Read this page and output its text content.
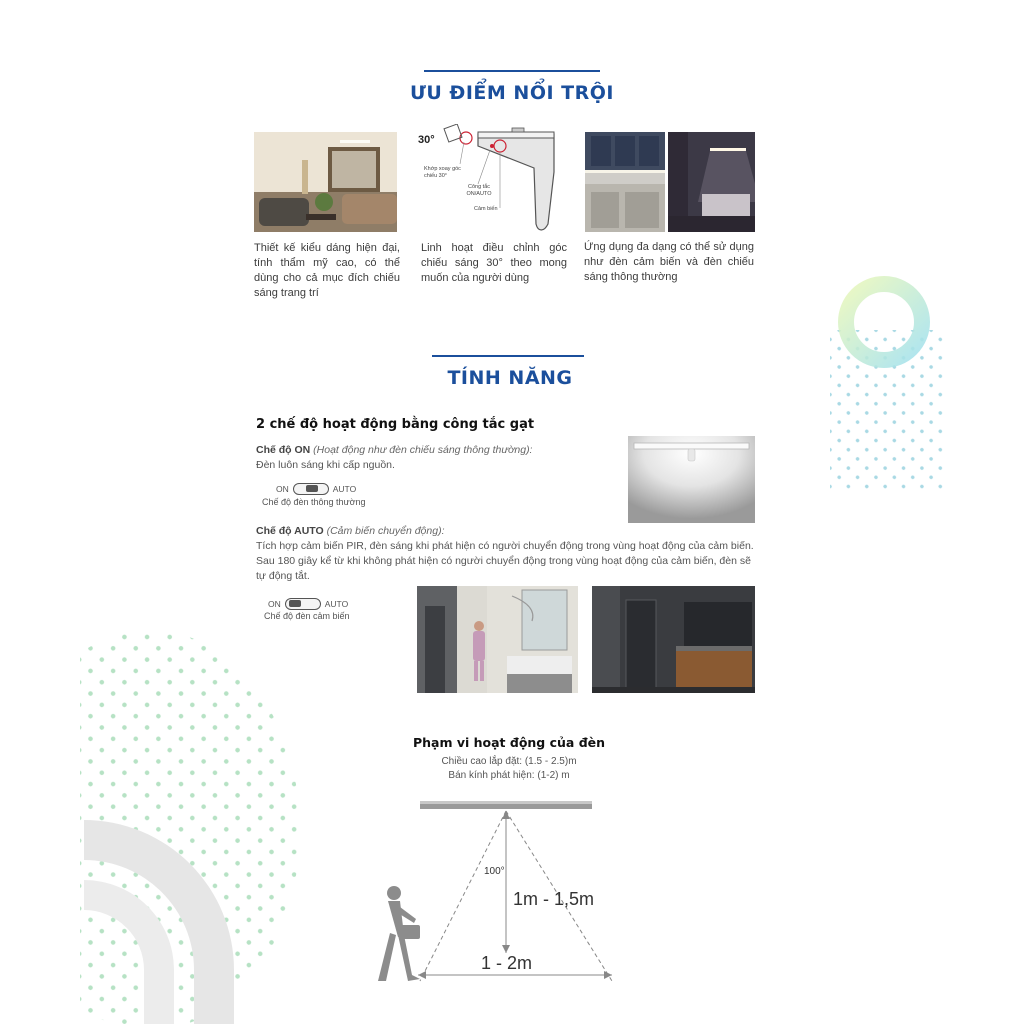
ƯU ĐIỂM NỔI TRỘI
30°
Khớp xoay góc chiếu 30°
Công tắc ON/AUTO
Cảm biến
Thiết kế kiểu dáng hiện đại, tính thẩm mỹ cao, có thể dùng cho cả mục đích chiếu sáng trang trí
Linh hoạt điều chỉnh góc chiếu sáng 30° theo mong muốn của người dùng
Ứng dụng đa dạng có thể sử dụng như đèn cảm biến và đèn chiếu sáng thông thường
TÍNH NĂNG
2 chế độ hoạt động bằng công tắc gạt
Chế độ ON (Hoạt động như đèn chiếu sáng thông thường):
Đèn luôn sáng khi cấp nguồn.
ON	AUTO
Chế độ đèn thông thường
Chế độ AUTO (Cảm biến chuyển động):
Tích hợp cảm biến PIR, đèn sáng khi phát hiện có người chuyển động trong vùng hoạt động của cảm biến. Sau 180 giây kể từ khi không phát hiện có người chuyển động trong vùng hoạt động của cảm biến, đèn sẽ tự động tắt.
ON	AUTO
Chế độ đèn cảm biến
Phạm vi hoạt động của đèn
Chiều cao lắp đặt: (1.5 - 2.5)m
Bán kính phát hiện: (1-2) m
100°
1m - 1,5m
1 - 2m
